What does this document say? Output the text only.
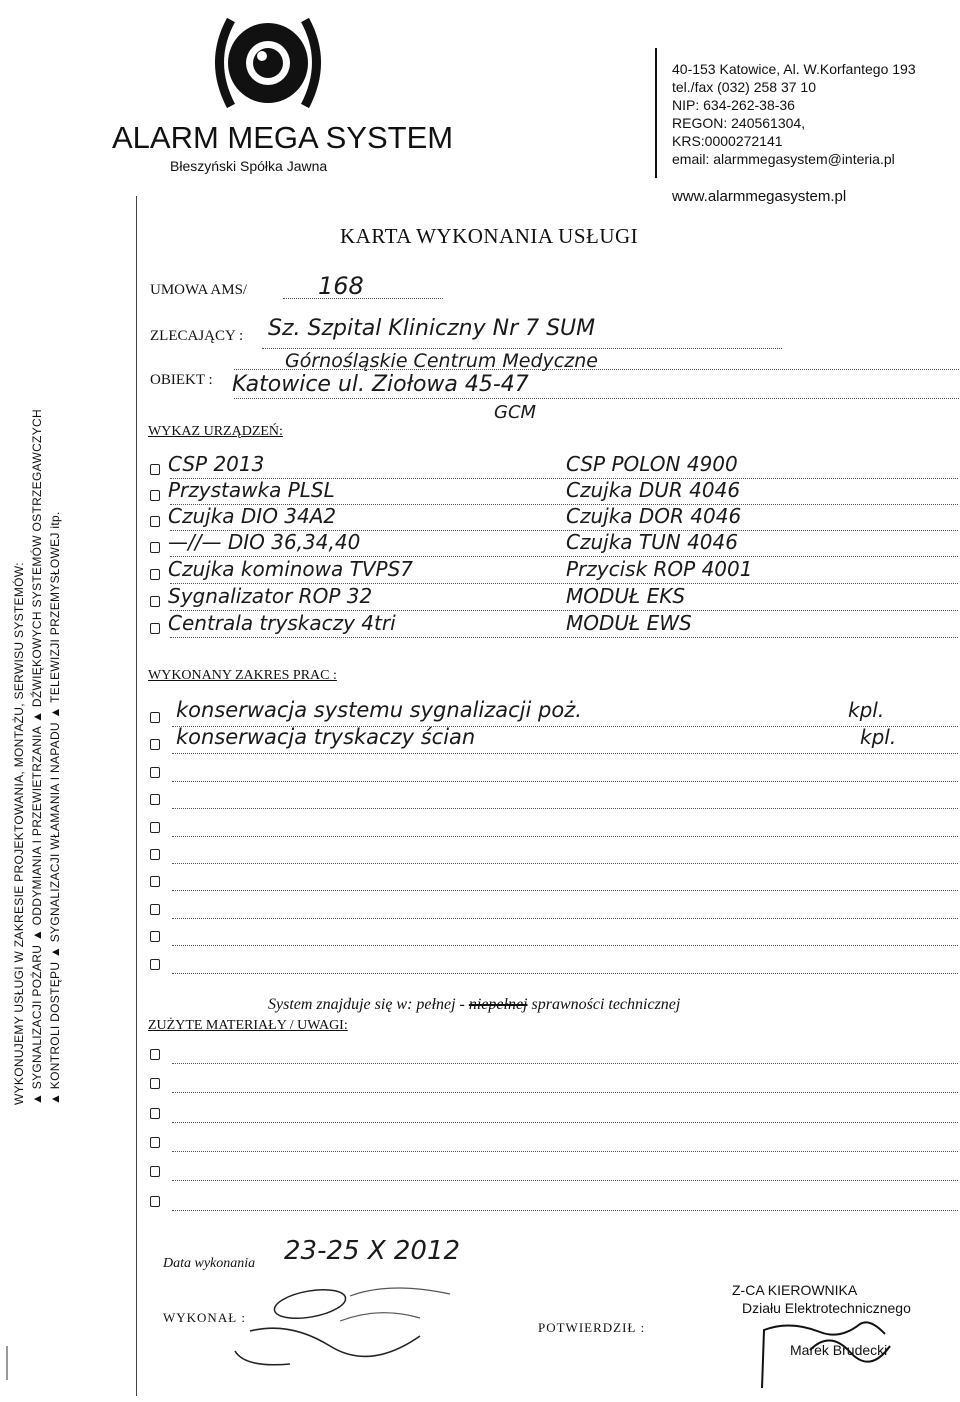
WYKONUJEMY USŁUGI W ZAKRESIE PROJEKTOWANIA, MONTAŻU, SERWISU SYSTEMÓW: ▲ SYGNALIZACJI POŻARU ▲ ODDYMIANIA I PRZEWIETRZANIA ▲ DŹWIĘKOWYCH SYSTEMÓW OSTRZEGAWCZYCH ▲ KONTROLI DOSTĘPU ▲ SYGNALIZACJI WŁAMANIA I NAPADU ▲ TELEWIZJI PRZEMYSŁOWEJ itp.
ALARM MEGA SYSTEM
Błeszyński Spółka Jawna
40-153 Katowice, Al. W.Korfantego 193
tel./fax (032) 258 37 10
NIP: 634-262-38-36
REGON: 240561304,
KRS:0000272141
email: alarmmegasystem@interia.pl
www.alarmmegasystem.pl
KARTA WYKONANIA USŁUGI
UMOWA AMS/	168
ZLECAJĄCY : Sz. Szpital Kliniczny Nr 7 SUM
Górnośląskie Centrum Medyczne
OBIEKT : Katowice ul. Ziołowa 45-47
GCM
WYKAZ URZĄDZEŃ:
CSP 2013	CSP POLON 4900
Przystawka PLSL	Czujka DUR 4046
Czujka DIO 34A2	Czujka DOR 4046
—//— DIO 36,34,40	Czujka TUN 4046
Czujka kominowa TVPS7	Przycisk ROP 4001
Sygnalizator ROP 32	MODUŁ EKS
Centrala tryskaczy 4tri	MODUŁ EWS
WYKONANY ZAKRES PRAC :
konserwacja systemu sygnalizacji poż.	kpl.
konserwacja tryskaczy ścian	kpl.
System znajduje się w: pełnej - niepełnej sprawności technicznej
ZUŻYTE MATERIAŁY / UWAGI:
Data wykonania 23-25 X 2012
WYKONAŁ :
POTWIERDZIŁ :
Z-CA KIEROWNIKA
Działu Elektrotechnicznego
Marek Brudecki
